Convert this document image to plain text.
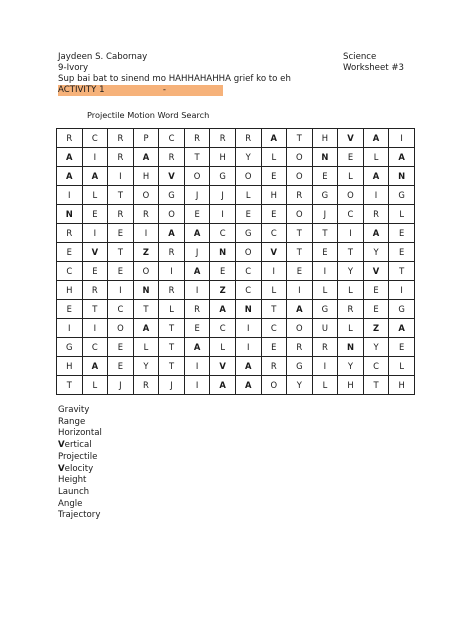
Jaydeen S. Cabornay
9-Ivory
Sup bai bat to sinend mo HAHHAHAHHA grief ko to eh
ACTIVITY 1	-
Science
Worksheet #3
Projectile Motion Word Search
R	C	R	P	C	R	R	R	A	T	H	V	A	I
A	I	R	A	R	T	H	Y	L	O	N	E	L	A
A	A	I	H	V	O	G	O	E	O	E	L	A	N
I	L	T	O	G	J	J	L	H	R	G	O	I	G
N	E	R	R	O	E	I	E	E	O	J	C	R	L
R	I	E	I	A	A	C	G	C	T	T	I	A	E
E	V	T	Z	R	J	N	O	V	T	E	T	Y	E
C	E	E	O	I	A	E	C	I	E	I	Y	V	T
H	R	I	N	R	I	Z	C	L	I	L	L	E	I
E	T	C	T	L	R	A	N	T	A	G	R	E	G
I	I	O	A	T	E	C	I	C	O	U	L	Z	A
G	C	E	L	T	A	L	I	E	R	R	N	Y	E
H	A	E	Y	T	I	V	A	R	G	I	Y	C	L
T	L	J	R	J	I	A	A	O	Y	L	H	T	H
Gravity
Range
Horizontal
Vertical
Projectile
Velocity
Height
Launch
Angle
Trajectory
